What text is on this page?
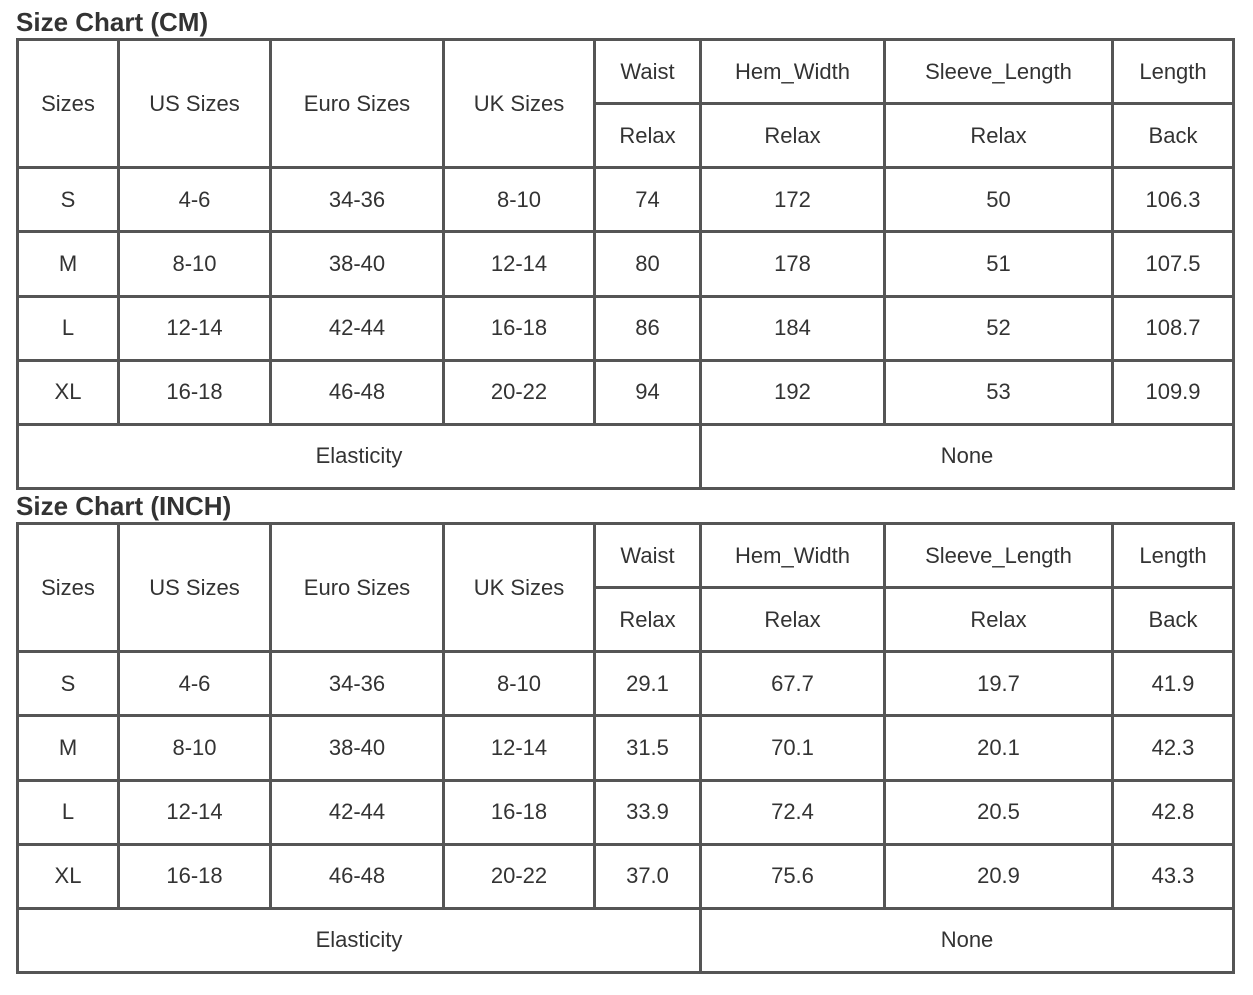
Size Chart (CM)
Sizes	US Sizes	Euro Sizes	UK Sizes	Waist	Hem_Width	Sleeve_Length	Length
				Relax	Relax	Relax	Back
S	4-6	34-36	8-10	74	172	50	106.3
M	8-10	38-40	12-14	80	178	51	107.5
L	12-14	42-44	16-18	86	184	52	108.7
XL	16-18	46-48	20-22	94	192	53	109.9
Elasticity					None		
Size Chart (INCH)
Sizes	US Sizes	Euro Sizes	UK Sizes	Waist	Hem_Width	Sleeve_Length	Length
				Relax	Relax	Relax	Back
S	4-6	34-36	8-10	29.1	67.7	19.7	41.9
M	8-10	38-40	12-14	31.5	70.1	20.1	42.3
L	12-14	42-44	16-18	33.9	72.4	20.5	42.8
XL	16-18	46-48	20-22	37.0	75.6	20.9	43.3
Elasticity					None		
